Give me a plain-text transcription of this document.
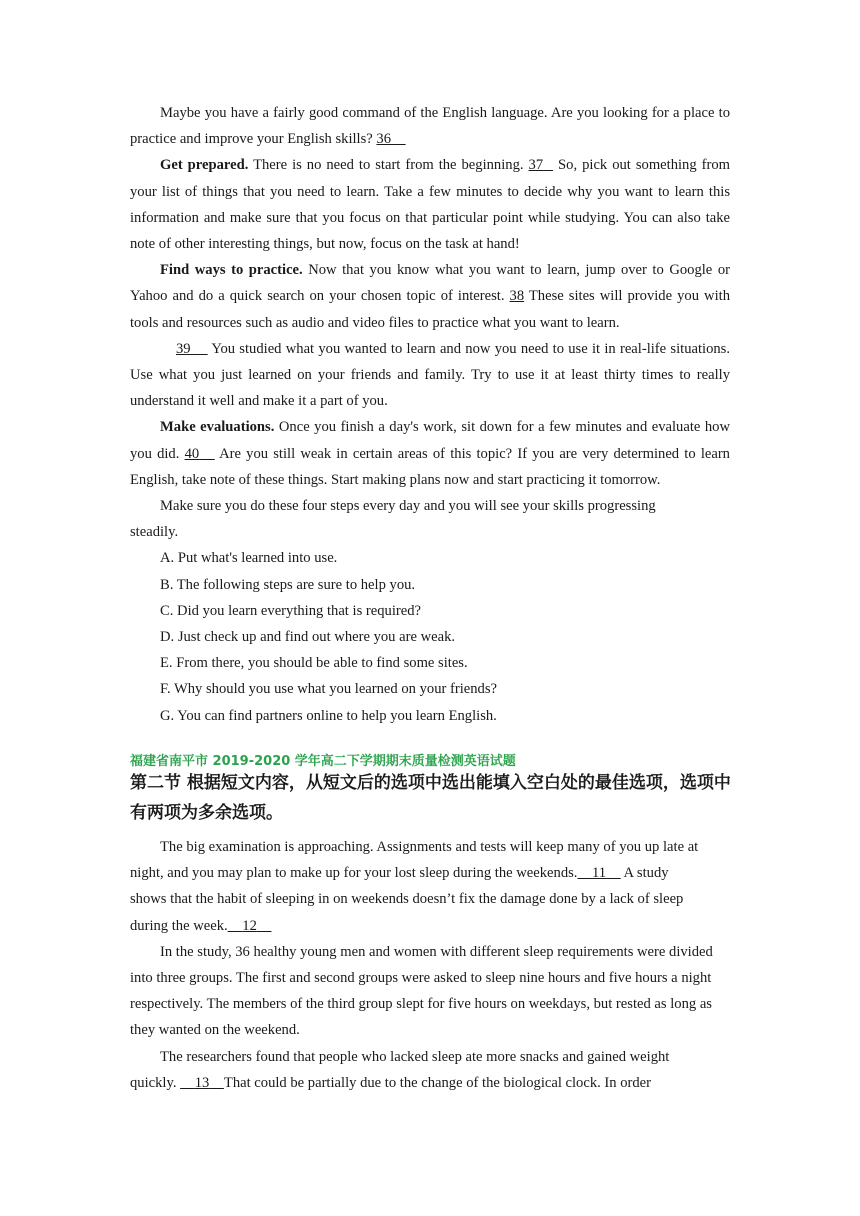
Maybe you have a fairly good command of the English language. Are you looking for a place to practice and improve your English skills? 36

Get prepared. There is no need to start from the beginning. 37   So, pick out something from your list of things that you need to learn. Take a few minutes to decide why you want to learn this information and make sure that you focus on that particular point while studying. You can also take note of other interesting things, but now, focus on the task at hand!

Find ways to practice. Now that you know what you want to learn, jump over to Google or Yahoo and do a quick search on your chosen topic of interest. 38 These sites will provide you with tools and resources such as audio and video files to practice what you want to learn.

39     You studied what you wanted to learn and now you need to use it in real-life situations. Use what you just learned on your friends and family. Try to use it at least thirty times to really understand it well and make it a part of you.

Make evaluations. Once you finish a day's work, sit down for a few minutes and evaluate how you did. 40    Are you still weak in certain areas of this topic? If you are very determined to learn English, take note of these things. Start making plans now and start practicing it tomorrow.

Make sure you do these four steps every day and you will see your skills progressing steadily.

A. Put what's learned into use.

B. The following steps are sure to help you.

C. Did you learn everything that is required?

D. Just check up and find out where you are weak.

E. From there, you should be able to find some sites.

F. Why should you use what you learned on your friends?

G. You can find partners online to help you learn English.

福建省南平市 2019-2020 学年高二下学期期末质量检测英语试题

第二节 根据短文内容，从短文后的选项中选出能填入空白处的最佳选项，选项中有两项为多余选项。

The big examination is approaching. Assignments and tests will keep many of you up late at night, and you may plan to make up for your lost sleep during the weekends. 11     A study        shows that the habit of sleeping in on weekends doesn’t fix the damage done by a lack of sleep during the week. 12

In the study, 36 healthy young men and women with different sleep requirements were divided into three groups. The first and second groups were asked to sleep nine hours and five hours a night respectively. The members of the third group slept for five hours on weekdays, but rested as long as they wanted on the weekend.

The researchers found that people who lacked sleep ate more snacks and gained weight quickly.     13 That could be partially due to the change of the biological clock. In order
